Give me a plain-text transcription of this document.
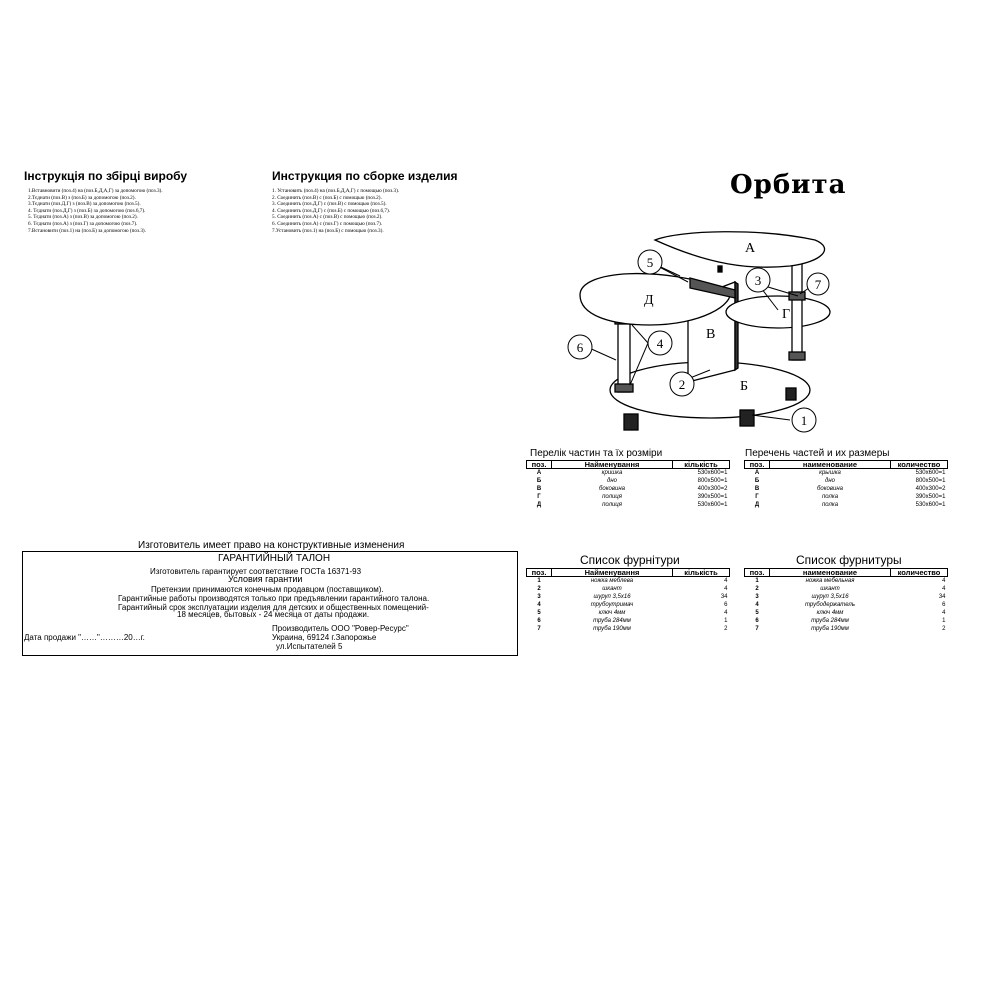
Інструкція по збірці виробу
1.Вставновити (поз.4) на (поз.Б,Д,А,Г) за допомогою (поз.3).
2.Тєднати (поз.В) з (поз.Б) за допомогою (поз.2).
3.Тєднати (поз.Д,Г) з (поз.В) за допомогою (поз.5).
4. Тєднати (поз.Д,Г) з (поз.Б) за допомогою (поз.6,7).
5. Тєднати (поз.А) з (поз.В) за допомогою (поз.2).
6. Тєднати (поз.А) з (поз.Г) за допомогою (поз.7).
7.Встановити (поз.1) на (поз.Б) за допомогою (поз.3).
Инструкция по сборке изделия
1. Установить (поз.4) на (поз.Б,Д,А,Г) с помощью (поз.3).
2. Соединить (поз.В) с (поз.Б) с помощью (поз.2).
3. Соединить (поз.Д,Г) с (поз.В) с помощью (поз.5).
4. Соединить (поз.Д,Г) с (поз.Б) с помощью (поз.6,7).
5. Соединить (поз.А) с (поз.В) с помощью (поз.2).
6. Соединить (поз.А) с (поз.Г) с помощью (поз.7).
7.Установить (поз.1) на (поз.Б) с помощью (поз.3).
Орбита
А
Б
В
Г
Д
5
4
6
2
3	7
1
Перелік частин та їх розміри
поз.	Найменування	кількість
А	кришка	530х600=1
Б	дно	800х500=1
В	боковина	400х300=2
Г	полиця	390х500=1
Д	полиця	530х600=1
Перечень частей и их размеры
поз.	наименование	количество
А	крышка	530х600=1
Б	дно	800х500=1
В	боковина	400х300=2
Г	полка	390х500=1
Д	полка	530х600=1
Список фурнітури
поз.	Найменування	кількість
1	ножка меблева	4
2	шкант	4
3	шуруп 3,5х16	34
4	трубоутримач	6
5	ключ 4мм	4
6	труба 284мм	1
7	труба 190мм	2
Список фурнитуры
поз.	наименование	количество
1	ножка мебельная	4
2	шкант	4
3	шуруп 3,5х16	34
4	трубодержатель	6
5	ключ 4мм	4
6	труба 284мм	1
7	труба 190мм	2
Изготовитель имеет право на конструктивные изменения
ГАРАНТИЙНЫЙ ТАЛОН
Изготовитель гарантирует соответствие ГОСТа 16371-93
Условия гарантии
Претензии принимаются конечным продавцом (поставщиком).
Гарантийные работы производятся только при предъявлении гарантийного талона.
Гарантийный срок эксплуатации изделия для детских и общественных помещений-
18 месяцев, бытовых - 24 месяца от даты продажи.
Производитель ООО "Ровер-Ресурс"
Дата продажи "……"………20…г.	Украина, 69124 г.Запорожье
ул.Испытателей 5
